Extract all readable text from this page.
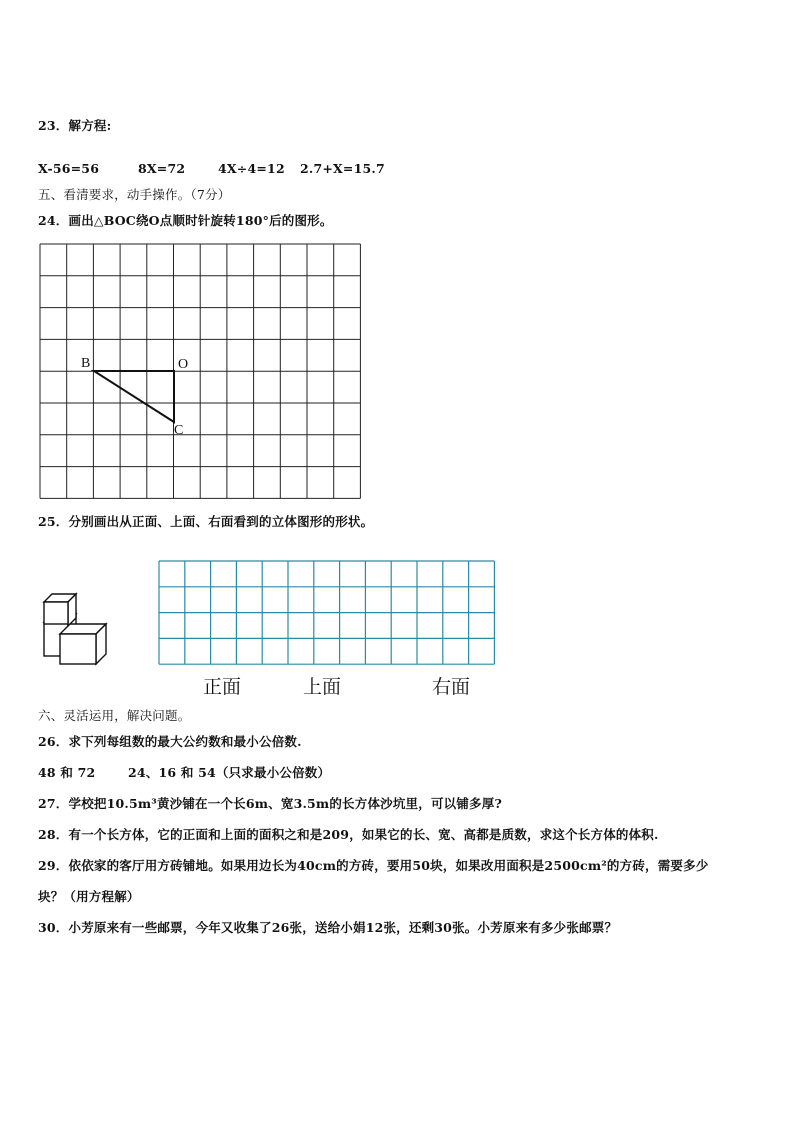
23．解方程:
X-56=56	8X=72	4X÷4=12 2.7+X=15.7
五、看清要求，动手操作。（7分）
24．画出△BOC绕O点顺时针旋转180°后的图形。
B	O
C
25．分别画出从正面、上面、右面看到的立体图形的形状。
正面	上面	右面
六、灵活运用，解决问题。
26．求下列每组数的最大公约数和最小公倍数.
48 和 72	24、16 和 54（只求最小公倍数）
27．学校把10.5m³黄沙铺在一个长6m、宽3.5m的长方体沙坑里，可以铺多厚?
28．有一个长方体，它的正面和上面的面积之和是209，如果它的长、宽、高都是质数，求这个长方体的体积.
29．依依家的客厅用方砖铺地。如果用边长为40cm的方砖，要用50块，如果改用面积是2500cm²的方砖，需要多少
块？（用方程解）
30．小芳原来有一些邮票，今年又收集了26张，送给小娟12张，还剩30张。小芳原来有多少张邮票？
